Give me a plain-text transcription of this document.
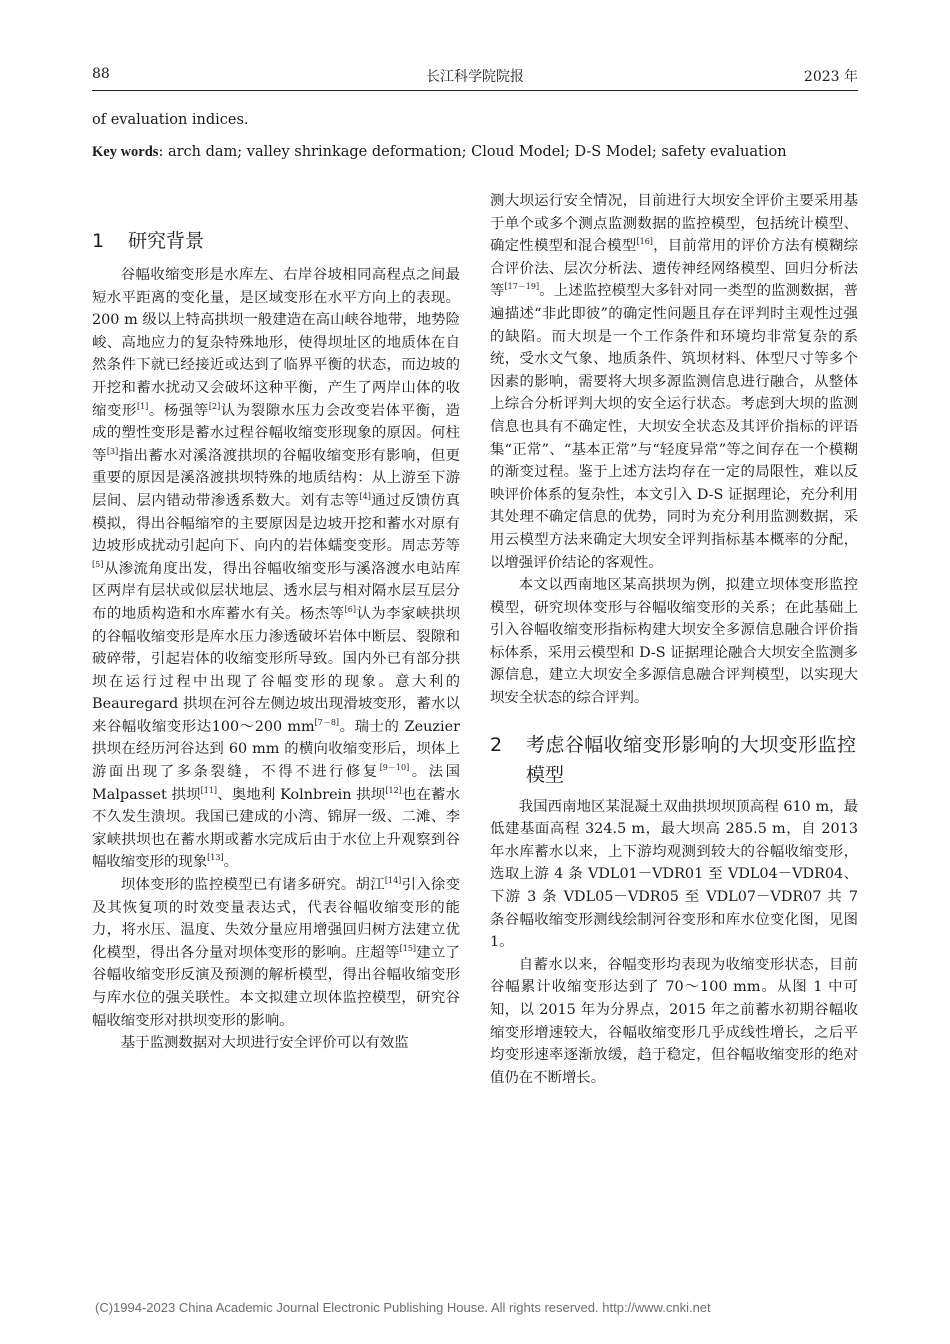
88	长江科学院院报	2023 年
of evaluation indices.
Key words: arch dam; valley shrinkage deformation; Cloud Model; D-S Model; safety evaluation
1 研究背景

谷幅收缩变形是水库左、右岸谷坡相同高程点之间最短水平距离的变化量，是区域变形在水平方向上的表现。200 m 级以上特高拱坝一般建造在高山峡谷地带，地势险峻、高地应力的复杂特殊地形，使得坝址区的地质体在自然条件下就已经接近或达到了临界平衡的状态，而边坡的开挖和蓄水扰动又会破坏这种平衡，产生了两岸山体的收缩变形[1]。杨强等[2]认为裂隙水压力会改变岩体平衡，造成的塑性变形是蓄水过程谷幅收缩变形现象的原因。何柱等[3]指出蓄水对溪洛渡拱坝的谷幅收缩变形有影响，但更重要的原因是溪洛渡拱坝特殊的地质结构：从上游至下游层间、层内错动带渗透系数大。刘有志等[4]通过反馈仿真模拟，得出谷幅缩窄的主要原因是边坡开挖和蓄水对原有边坡形成扰动引起向下、向内的岩体蠕变变形。周志芳等[5]从渗流角度出发，得出谷幅收缩变形与溪洛渡水电站库区两岸有层状或似层状地层、透水层与相对隔水层互层分布的地质构造和水库蓄水有关。杨杰等[6]认为李家峡拱坝的谷幅收缩变形是库水压力渗透破坏岩体中断层、裂隙和破碎带，引起岩体的收缩变形所导致。国内外已有部分拱坝在运行过程中出现了谷幅变形的现象。意大利的 Beauregard 拱坝在河谷左侧边坡出现滑坡变形，蓄水以来谷幅收缩变形达100～200 mm[7－8]。瑞士的 Zeuzier 拱坝在经历河谷达到 60 mm 的横向收缩变形后，坝体上游面出现了多条裂缝，不得不进行修复[9－10]。法国 Malpasset 拱坝[11]、奥地利 Kolnbrein 拱坝[12]也在蓄水不久发生溃坝。我国已建成的小湾、锦屏一级、二滩、李家峡拱坝也在蓄水期或蓄水完成后由于水位上升观察到谷幅收缩变形的现象[13]。

坝体变形的监控模型已有诸多研究。胡江[14]引入徐变及其恢复项的时效变量表达式，代表谷幅收缩变形的能力，将水压、温度、失效分量应用增强回归树方法建立优化模型，得出各分量对坝体变形的影响。庄超等[15]建立了谷幅收缩变形反演及预测的解析模型，得出谷幅收缩变形与库水位的强关联性。本文拟建立坝体监控模型，研究谷幅收缩变形对拱坝变形的影响。

基于监测数据对大坝进行安全评价可以有效监

测大坝运行安全情况，目前进行大坝安全评价主要采用基于单个或多个测点监测数据的监控模型，包括统计模型、确定性模型和混合模型[16]，目前常用的评价方法有模糊综合评价法、层次分析法、遗传神经网络模型、回归分析法等[17－19]。上述监控模型大多针对同一类型的监测数据，普遍描述“非此即彼”的确定性问题且存在评判时主观性过强的缺陷。而大坝是一个工作条件和环境均非常复杂的系统，受水文气象、地质条件、筑坝材料、体型尺寸等多个因素的影响，需要将大坝多源监测信息进行融合，从整体上综合分析评判大坝的安全运行状态。考虑到大坝的监测信息也具有不确定性，大坝安全状态及其评价指标的评语集“正常”、“基本正常”与“轻度异常”等之间存在一个模糊的渐变过程。鉴于上述方法均存在一定的局限性，难以反映评价体系的复杂性，本文引入 D-S 证据理论，充分利用其处理不确定信息的优势，同时为充分利用监测数据，采用云模型方法来确定大坝安全评判指标基本概率的分配，以增强评价结论的客观性。

本文以西南地区某高拱坝为例，拟建立坝体变形监控模型，研究坝体变形与谷幅收缩变形的关系；在此基础上引入谷幅收缩变形指标构建大坝安全多源信息融合评价指标体系，采用云模型和 D-S 证据理论融合大坝安全监测多源信息，建立大坝安全多源信息融合评判模型，以实现大坝安全状态的综合评判。

2 考虑谷幅收缩变形影响的大坝变形监控模型

我国西南地区某混凝土双曲拱坝坝顶高程 610 m，最低建基面高程 324.5 m，最大坝高 285.5 m，自 2013 年水库蓄水以来，上下游均观测到较大的谷幅收缩变形，选取上游 4 条 VDL01－VDR01 至 VDL04－VDR04、下游 3 条 VDL05－VDR05 至 VDL07－VDR07 共 7 条谷幅收缩变形测线绘制河谷变形和库水位变化图，见图 1。

自蓄水以来，谷幅变形均表现为收缩变形状态，目前谷幅累计收缩变形达到了 70～100 mm。从图 1 中可知，以 2015 年为分界点，2015 年之前蓄水初期谷幅收缩变形增速较大，谷幅收缩变形几乎成线性增长，之后平均变形速率逐渐放缓，趋于稳定，但谷幅收缩变形的绝对值仍在不断增长。

(C)1994-2023 China Academic Journal Electronic Publishing House. All rights reserved. http://www.cnki.net
